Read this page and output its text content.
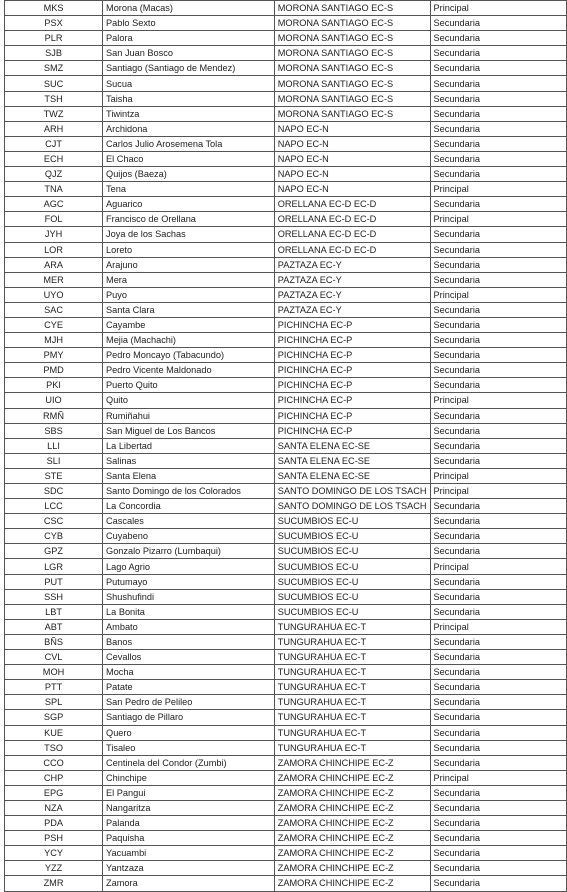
MKS	Morona (Macas)	MORONA SANTIAGO EC-S	Principal
PSX	Pablo Sexto	MORONA SANTIAGO EC-S	Secundaria
PLR	Palora	MORONA SANTIAGO EC-S	Secundaria
SJB	San Juan Bosco	MORONA SANTIAGO EC-S	Secundaria
SMZ	Santiago (Santiago de Mendez)	MORONA SANTIAGO EC-S	Secundaria
SUC	Sucua	MORONA SANTIAGO EC-S	Secundaria
TSH	Taisha	MORONA SANTIAGO EC-S	Secundaria
TWZ	Tiwintza	MORONA SANTIAGO EC-S	Secundaria
ARH	Archidona	NAPO EC-N	Secundaria
CJT	Carlos Julio Arosemena Tola	NAPO EC-N	Secundaria
ECH	El Chaco	NAPO EC-N	Secundaria
QJZ	Quijos (Baeza)	NAPO EC-N	Secundaria
TNA	Tena	NAPO EC-N	Principal
AGC	Aguarico	ORELLANA EC-D EC-D	Secundaria
FOL	Francisco de Orellana	ORELLANA EC-D EC-D	Principal
JYH	Joya de los Sachas	ORELLANA EC-D EC-D	Secundaria
LOR	Loreto	ORELLANA EC-D EC-D	Secundaria
ARA	Arajuno	PAZTAZA EC-Y	Secundaria
MER	Mera	PAZTAZA EC-Y	Secundaria
UYO	Puyo	PAZTAZA EC-Y	Principal
SAC	Santa Clara	PAZTAZA EC-Y	Secundaria
CYE	Cayambe	PICHINCHA EC-P	Secundaria
MJH	Mejia (Machachi)	PICHINCHA EC-P	Secundaria
PMY	Pedro Moncayo (Tabacundo)	PICHINCHA EC-P	Secundaria
PMD	Pedro Vicente Maldonado	PICHINCHA EC-P	Secundaria
PKI	Puerto Quito	PICHINCHA EC-P	Secundaria
UIO	Quito	PICHINCHA EC-P	Principal
RMÑ	Rumiñahui	PICHINCHA EC-P	Secundaria
SBS	San Miguel de Los Bancos	PICHINCHA EC-P	Secundaria
LLI	La Libertad	SANTA ELENA EC-SE	Secundaria
SLI	Salinas	SANTA ELENA EC-SE	Secundaria
STE	Santa Elena	SANTA ELENA EC-SE	Principal
SDC	Santo Domingo de los Colorados	SANTO DOMINGO DE LOS TSACH	Principal
LCC	La Concordia	SANTO DOMINGO DE LOS TSACH	Secundaria
CSC	Cascales	SUCUMBIOS EC-U	Secundaria
CYB	Cuyabeno	SUCUMBIOS EC-U	Secundaria
GPZ	Gonzalo Pizarro (Lumbaqui)	SUCUMBIOS EC-U	Secundaria
LGR	Lago Agrio	SUCUMBIOS EC-U	Principal
PUT	Putumayo	SUCUMBIOS EC-U	Secundaria
SSH	Shushufindi	SUCUMBIOS EC-U	Secundaria
LBT	La Bonita	SUCUMBIOS EC-U	Secundaria
ABT	Ambato	TUNGURAHUA EC-T	Principal
BÑS	Banos	TUNGURAHUA EC-T	Secundaria
CVL	Cevallos	TUNGURAHUA EC-T	Secundaria
MOH	Mocha	TUNGURAHUA EC-T	Secundaria
PTT	Patate	TUNGURAHUA EC-T	Secundaria
SPL	San Pedro de Pelileo	TUNGURAHUA EC-T	Secundaria
SGP	Santiago de Pillaro	TUNGURAHUA EC-T	Secundaria
KUE	Quero	TUNGURAHUA EC-T	Secundaria
TSO	Tisaleo	TUNGURAHUA EC-T	Secundaria
CCO	Centinela del Condor (Zumbi)	ZAMORA CHINCHIPE EC-Z	Secundaria
CHP	Chinchipe	ZAMORA CHINCHIPE EC-Z	Principal
EPG	El Pangui	ZAMORA CHINCHIPE EC-Z	Secundaria
NZA	Nangaritza	ZAMORA CHINCHIPE EC-Z	Secundaria
PDA	Palanda	ZAMORA CHINCHIPE EC-Z	Secundaria
PSH	Paquisha	ZAMORA CHINCHIPE EC-Z	Secundaria
YCY	Yacuambi	ZAMORA CHINCHIPE EC-Z	Secundaria
YZZ	Yantzaza	ZAMORA CHINCHIPE EC-Z	Secundaria
ZMR	Zamora	ZAMORA CHINCHIPE EC-Z	Secundaria
